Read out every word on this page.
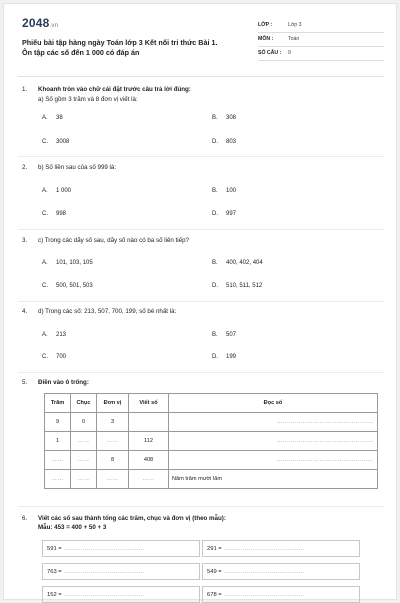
2048.vn
Phiếu bài tập hàng ngày Toán lớp 3 Kết nối tri thức Bài 1.
Ôn tập các số đến 1 000 có đáp án
LỚP :	Lớp 3
MÔN :	Toán
SỐ CÂU : 9
1. Khoanh tròn vào chữ cái đặt trước câu trả lời đúng:
a) Số gồm 3 trăm và 8 đơn vị viết là:
A. 38	B. 308
C. 3008	D. 803
2. b) Số liền sau của số 999 là:
A. 1 000	B. 100
C. 998	D. 997
3. c) Trong các dãy số sau, dãy số nào có ba số liên tiếp?
A. 101, 103, 105	B. 400, 402, 404
C. 500, 501, 503	D. 510, 511, 512
4. d) Trong các số: 213, 507, 700, 199, số bé nhất là:
A. 213	B. 507
C. 700	D. 199
5. Điền vào ô trống:
Trăm	Chục	Đơn vị	Viết số	Đọc số
9	0	3		…………………………………………
1	……	……	112	…………………………………………
……	……	8	408	…………………………………………
……	……	……	……	Năm trăm mười lăm
6. Viết các số sau thành tổng các trăm, chục và đơn vị (theo mẫu):
Mẫu: 453 = 400 + 50 + 3
591 = ……………………………………	291 = ……………………………………
763 = ……………………………………	549 = ……………………………………
152 = ……………………………………	678 = ……………………………………
